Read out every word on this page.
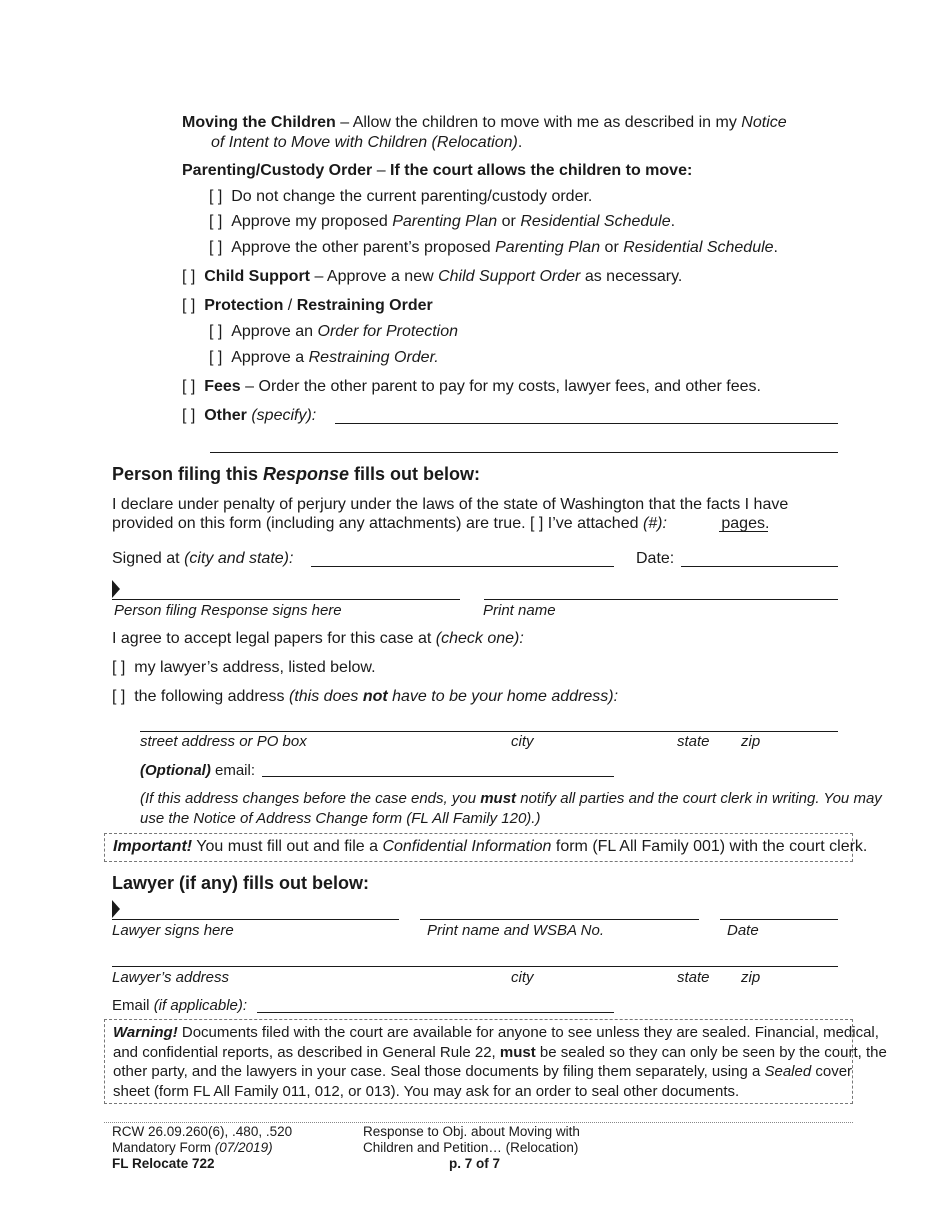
Moving the Children – Allow the children to move with me as described in my Notice
of Intent to Move with Children (Relocation).
Parenting/Custody Order – If the court allows the children to move:
[ ] Do not change the current parenting/custody order.
[ ] Approve my proposed Parenting Plan or Residential Schedule.
[ ] Approve the other parent’s proposed Parenting Plan or Residential Schedule.
[ ] Child Support – Approve a new Child Support Order as necessary.
[ ] Protection / Restraining Order
[ ] Approve an Order for Protection
[ ] Approve a Restraining Order.
[ ] Fees – Order the other parent to pay for my costs, lawyer fees, and other fees.
[ ] Other (specify):
Person filing this Response fills out below:
I declare under penalty of perjury under the laws of the state of Washington that the facts I have
provided on this form (including any attachments) are true. [ ] I’ve attached (#):	pages.
Signed at (city and state):	Date:
Person filing Response signs here	Print name
I agree to accept legal papers for this case at (check one):
[ ] my lawyer’s address, listed below.
[ ] the following address (this does not have to be your home address):
street address or PO box	city	state zip
(Optional) email:
(If this address changes before the case ends, you must notify all parties and the court clerk in writing. You may
use the Notice of Address Change form (FL All Family 120).)
Important! You must fill out and file a Confidential Information form (FL All Family 001) with the court clerk.
Lawyer (if any) fills out below:
Lawyer signs here	Print name and WSBA No.	Date
Lawyer’s address	city	state zip
Email (if applicable):
Warning! Documents filed with the court are available for anyone to see unless they are sealed. Financial, medical,
and confidential reports, as described in General Rule 22, must be sealed so they can only be seen by the court, the
other party, and the lawyers in your case. Seal those documents by filing them separately, using a Sealed cover
sheet (form FL All Family 011, 012, or 013). You may ask for an order to seal other documents.
RCW 26.09.260(6), .480, .520
Mandatory Form (07/2019)
FL Relocate 722
Response to Obj. about Moving with
Children and Petition… (Relocation)
p. 7 of 7
